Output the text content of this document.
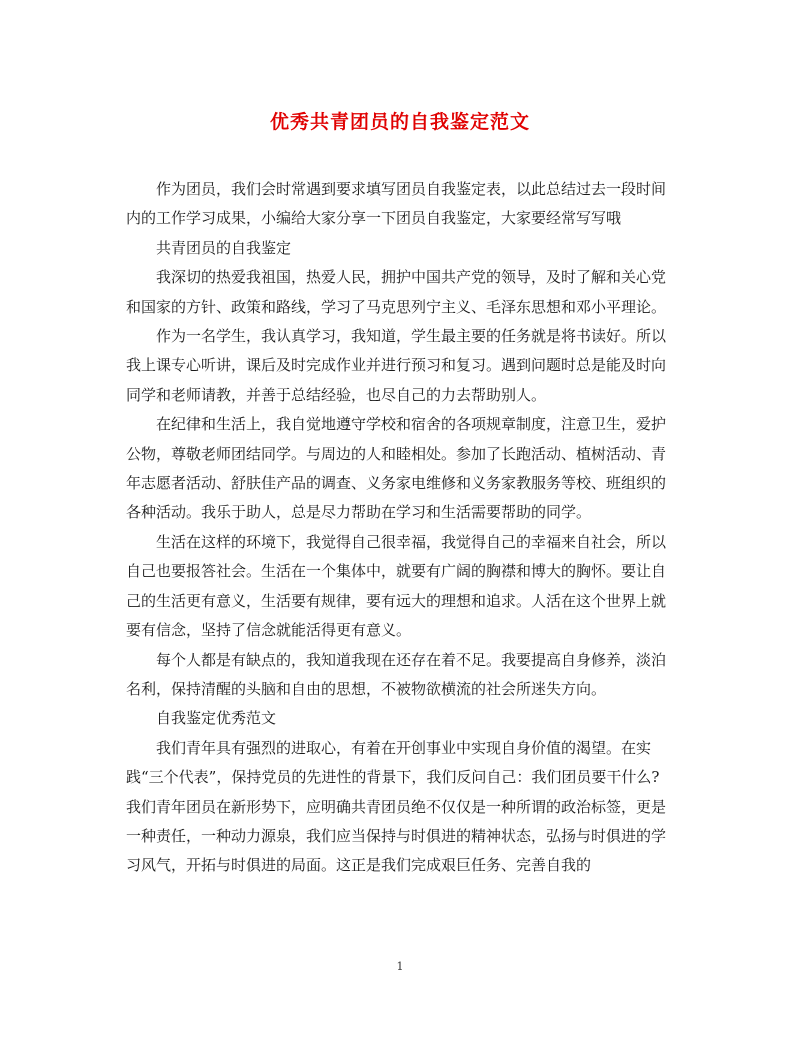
优秀共青团员的自我鉴定范文

作为团员，我们会时常遇到要求填写团员自我鉴定表，以此总结过去一段时间内的工作学习成果，小编给大家分享一下团员自我鉴定，大家要经常写写哦

共青团员的自我鉴定

我深切的热爱我祖国，热爱人民，拥护中国共产党的领导，及时了解和关心党和国家的方针、政策和路线，学习了马克思列宁主义、毛泽东思想和邓小平理论。

作为一名学生，我认真学习，我知道，学生最主要的任务就是将书读好。所以我上课专心听讲，课后及时完成作业并进行预习和复习。遇到问题时总是能及时向同学和老师请教，并善于总结经验，也尽自己的力去帮助别人。

在纪律和生活上，我自觉地遵守学校和宿舍的各项规章制度，注意卫生，爱护公物，尊敬老师团结同学。与周边的人和睦相处。参加了长跑活动、植树活动、青年志愿者活动、舒肤佳产品的调查、义务家电维修和义务家教服务等校、班组织的各种活动。我乐于助人，总是尽力帮助在学习和生活需要帮助的同学。

生活在这样的环境下，我觉得自己很幸福，我觉得自己的幸福来自社会，所以自己也要报答社会。生活在一个集体中，就要有广阔的胸襟和博大的胸怀。要让自己的生活更有意义，生活要有规律，要有远大的理想和追求。人活在这个世界上就要有信念，坚持了信念就能活得更有意义。

每个人都是有缺点的，我知道我现在还存在着不足。我要提高自身修养，淡泊名利，保持清醒的头脑和自由的思想，不被物欲横流的社会所迷失方向。

自我鉴定优秀范文

我们青年具有强烈的进取心，有着在开创事业中实现自身价值的渴望。在实践“三个代表”，保持党员的先进性的背景下，我们反问自己：我们团员要干什么?我们青年团员在新形势下，应明确共青团员绝不仅仅是一种所谓的政治标签，更是一种责任，一种动力源泉，我们应当保持与时俱进的精神状态，弘扬与时俱进的学习风气，开拓与时俱进的局面。这正是我们完成艰巨任务、完善自我的

1
